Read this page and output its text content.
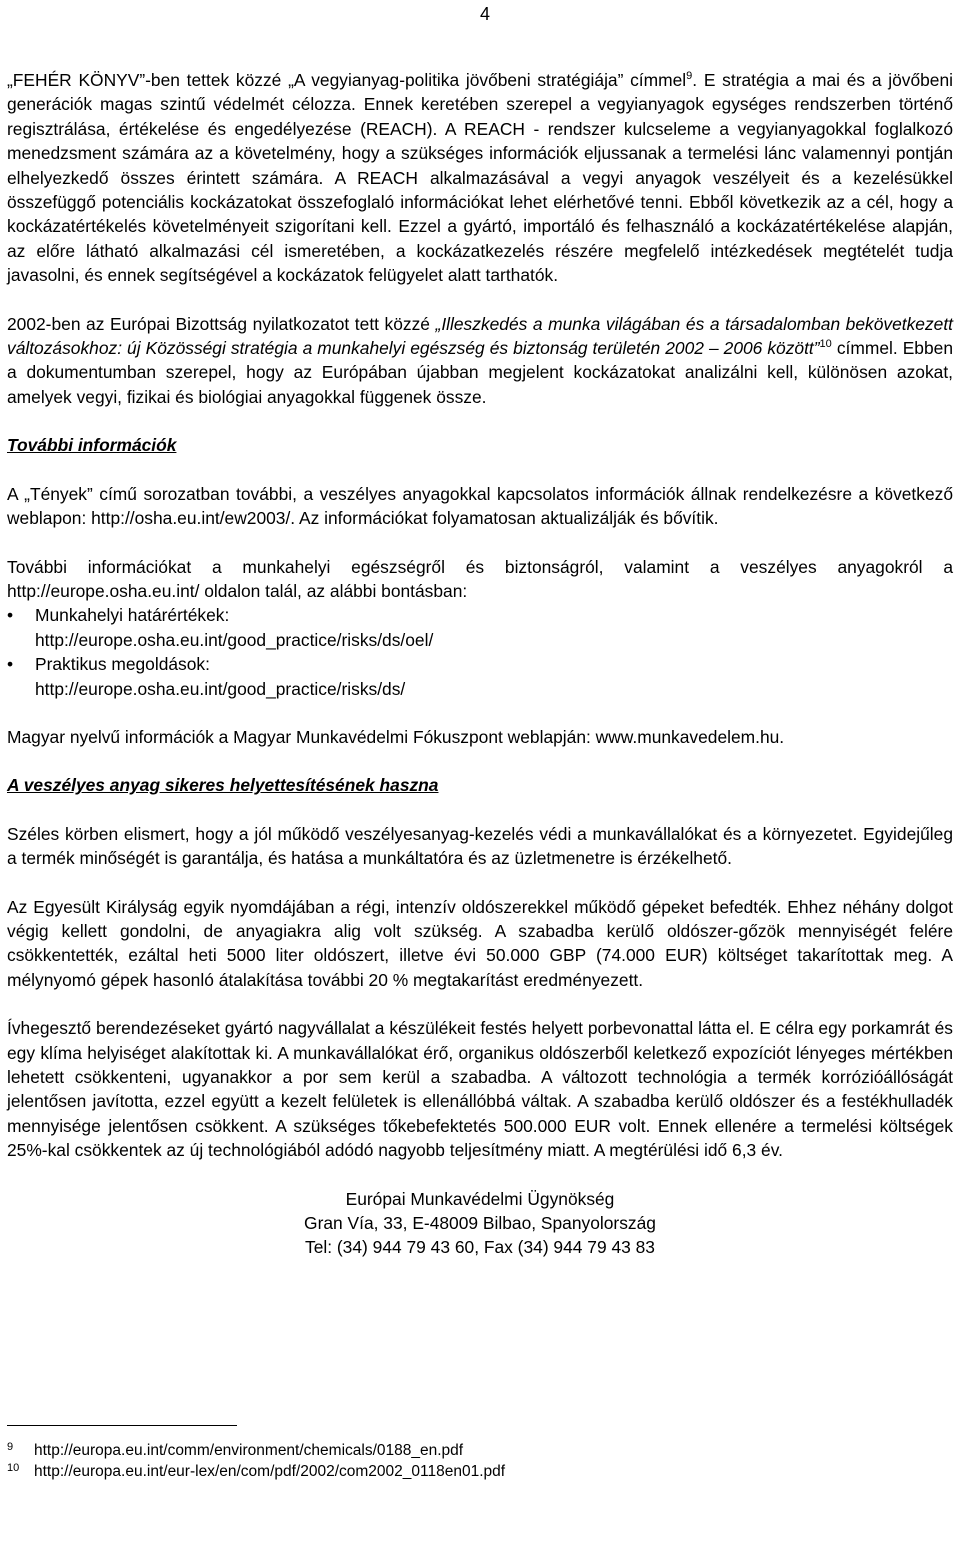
4

„FEHÉR KÖNYV”-ben tettek közzé „A vegyianyag-politika jövőbeni stratégiája” címmel$^9$. E stratégia a mai és a jövőbeni generációk magas szintű védelmét célozza. Ennek keretében szerepel a vegyianyagok egységes rendszerben történő regisztrálása, értékelése és engedélyezése (REACH). A REACH - rendszer kulcseleme a vegyianyagokkal foglalkozó menedzsment számára az a követelmény, hogy a szükséges információk eljussanak a termelési lánc valamennyi pontján elhelyezkedő összes érintett számára. A REACH alkalmazásával a vegyi anyagok veszélyeit és a kezelésükkel összefüggő potenciális kockázatokat összefoglaló információkat lehet elérhetővé tenni. Ebből következik az a cél, hogy a kockázatértékelés követelményeit szigorítani kell. Ezzel a gyártó, importáló és felhasználó a kockázatértékelése alapján, az előre látható alkalmazási cél ismeretében, a kockázatkezelés részére megfelelő intézkedések megtételét tudja javasolni, és ennek segítségével a kockázatok felügyelet alatt tarthatók.

2002-ben az Európai Bizottság nyilatkozatot tett közzé „Illeszkedés a munka világában és a társadalomban bekövetkezett változásokhoz: új Közösségi stratégia a munkahelyi egészség és biztonság területén 2002 – 2006 között”$^{10}$ címmel. Ebben a dokumentumban szerepel, hogy az Európában újabban megjelent kockázatokat analizálni kell, különösen azokat, amelyek vegyi, fizikai és biológiai anyagokkal függenek össze.

További információk

A „Tények” című sorozatban további, a veszélyes anyagokkal kapcsolatos információk állnak rendelkezésre a következő weblapon: http://osha.eu.int/ew2003/. Az információkat folyamatosan aktualizálják és bővítik.

További információkat a munkahelyi egészségről és biztonságról, valamint a veszélyes anyagokról a http://europe.osha.eu.int/ oldalon talál, az alábbi bontásban:

• Munkahelyi határértékek:
http://europe.osha.eu.int/good_practice/risks/ds/oel/
• Praktikus megoldások:
http://europe.osha.eu.int/good_practice/risks/ds/

Magyar nyelvű információk a Magyar Munkavédelmi Fókuszpont weblapján: www.munkavedelem.hu.

A veszélyes anyag sikeres helyettesítésének haszna

Széles körben elismert, hogy a jól működő veszélyesanyag-kezelés védi a munkavállalókat és a környezetet. Egyidejűleg a termék minőségét is garantálja, és hatása a munkáltatóra és az üzletmenetre is érzékelhető.

Az Egyesült Királyság egyik nyomdájában a régi, intenzív oldószerekkel működő gépeket befedték. Ehhez néhány dolgot végig kellett gondolni, de anyagiakra alig volt szükség. A szabadba kerülő oldószer-gőzök mennyiségét felére csökkentették, ezáltal heti 5000 liter oldószert, illetve évi 50.000 GBP (74.000 EUR) költséget takarítottak meg. A mélynyomó gépek hasonló átalakítása további 20 % megtakarítást eredményezett.

Ívhegesztő berendezéseket gyártó nagyvállalat a készülékeit festés helyett porbevonattal látta el. E célra egy porkamrát és egy klíma helyiséget alakítottak ki. A munkavállalókat érő, organikus oldószerből keletkező expozíciót lényeges mértékben lehetett csökkenteni, ugyanakkor a por sem kerül a szabadba. A változott technológia a termék korrózióállóságát jelentősen javította, ezzel együtt a kezelt felületek is ellenállóbbá váltak. A szabadba kerülő oldószer és a festékhulladék mennyisége jelentősen csökkent. A szükséges tőkebefektetés 500.000 EUR volt. Ennek ellenére a termelési költségek 25%-kal csökkentek az új technológiából adódó nagyobb teljesítmény miatt. A megtérülési idő 6,3 év.

Európai Munkavédelmi Ügynökség
Gran Vía, 33, E-48009 Bilbao, Spanyolország
Tel: (34) 944 79 43 60, Fax (34) 944 79 43 83
9 http://europa.eu.int/comm/environment/chemicals/0188_en.pdf
10 http://europa.eu.int/eur-lex/en/com/pdf/2002/com2002_0118en01.pdf
